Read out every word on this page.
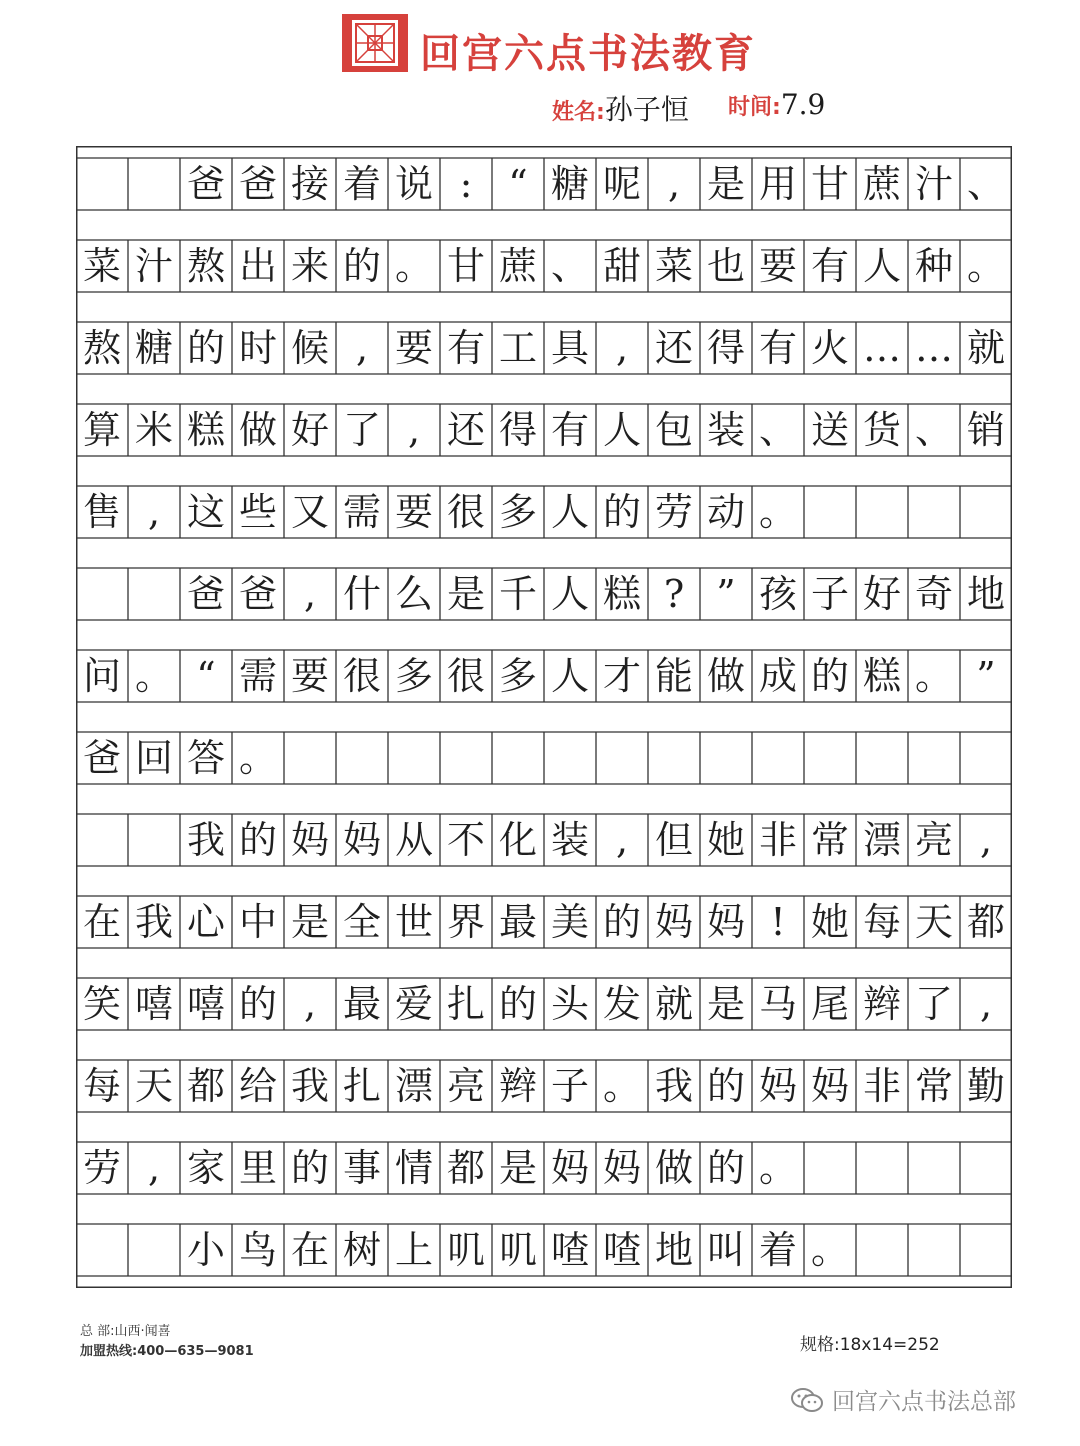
回宫六点书法教育
姓名:孙子恒 时间:7.9
爸 爸 接 着 说 : “ 糖 呢 , 是 用 甘 蔗 汁 、
菜 汁 熬 出 来 的 。 甘 蔗 、 甜 菜 也 要 有 人 种 。
熬 糖 的 时 候 , 要 有 工 具 , 还 得 有 火 … … 就
算 米 糕 做 好 了 , 还 得 有 人 包 装 、 送 货 、 销
售 , 这 些 又 需 要 很 多 人 的 劳 动 。
爸 爸 , 什 么 是 千 人 糕 ? ” 孩 子 好 奇 地
问 。 “ 需 要 很 多 很 多 人 才 能 做 成 的 糕 。 ”
爸 回 答 。
我 的 妈 妈 从 不 化 装 , 但 她 非 常 漂 亮 ,
在 我 心 中 是 全 世 界 最 美 的 妈 妈 ! 她 每 天 都
笑 嘻 嘻 的 , 最 爱 扎 的 头 发 就 是 马 尾 辫 了 ,
每 天 都 给 我 扎 漂 亮 辫 子 。 我 的 妈 妈 非 常 勤
劳 , 家 里 的 事 情 都 是 妈 妈 做 的 。
小 鸟 在 树 上 叽 叽 喳 喳 地 叫 着 。
总 部:山西·闻喜
加盟热线:400—635—9081	规格:18x14=252
回宫六点书法总部
